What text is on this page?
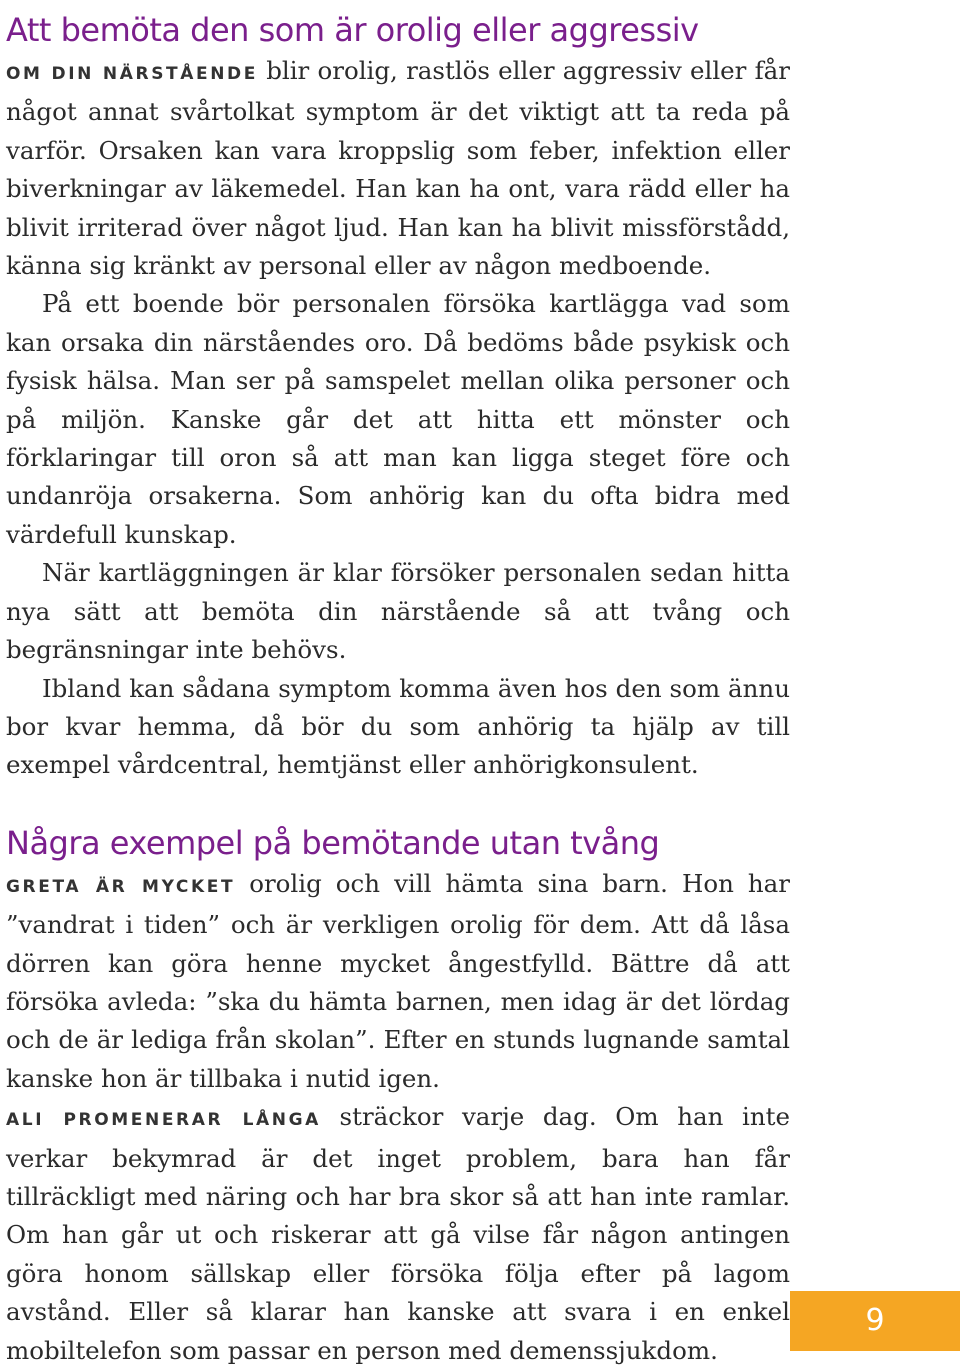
Att bemöta den som är orolig eller aggressiv

OM DIN NÄRSTÅENDE blir orolig, rastlös eller aggressiv eller får något annat svårtolkat symptom är det viktigt att ta reda på varför. Orsaken kan vara kroppslig som feber, infektion eller biverkningar av läkemedel. Han kan ha ont, vara rädd eller ha blivit irriterad över något ljud. Han kan ha blivit missförstådd, känna sig kränkt av personal eller av någon medboende.

På ett boende bör personalen försöka kartlägga vad som kan orsaka din närståendes oro. Då bedöms både psykisk och fysisk hälsa. Man ser på samspelet mellan olika personer och på miljön. Kanske går det att hitta ett mönster och förklaringar till oron så att man kan ligga steget före och undanröja orsakerna. Som anhörig kan du ofta bidra med värdefull kunskap.

När kartläggningen är klar försöker personalen sedan hitta nya sätt att bemöta din närstående så att tvång och begränsningar inte behövs.

Ibland kan sådana symptom komma även hos den som ännu bor kvar hemma, då bör du som anhörig ta hjälp av till exempel vårdcentral, hemtjänst eller anhörigkonsulent.

Några exempel på bemötande utan tvång

GRETA ÄR MYCKET orolig och vill hämta sina barn. Hon har ”vandrat i tiden” och är verkligen orolig för dem. Att då låsa dörren kan göra henne mycket ångestfylld. Bättre då att försöka avleda: ”ska du hämta barnen, men idag är det lördag och de är lediga från skolan”. Efter en stunds lugnande samtal kanske hon är tillbaka i nutid igen.

ALI PROMENERAR LÅNGA sträckor varje dag. Om han inte verkar bekymrad är det inget problem, bara han får tillräckligt med näring och har bra skor så att han inte ramlar. Om han går ut och riskerar att gå vilse får någon antingen göra honom sällskap eller försöka följa efter på lagom avstånd. Eller så klarar han kanske att svara i en enkel mobiltelefon som passar en person med demenssjukdom.

9
